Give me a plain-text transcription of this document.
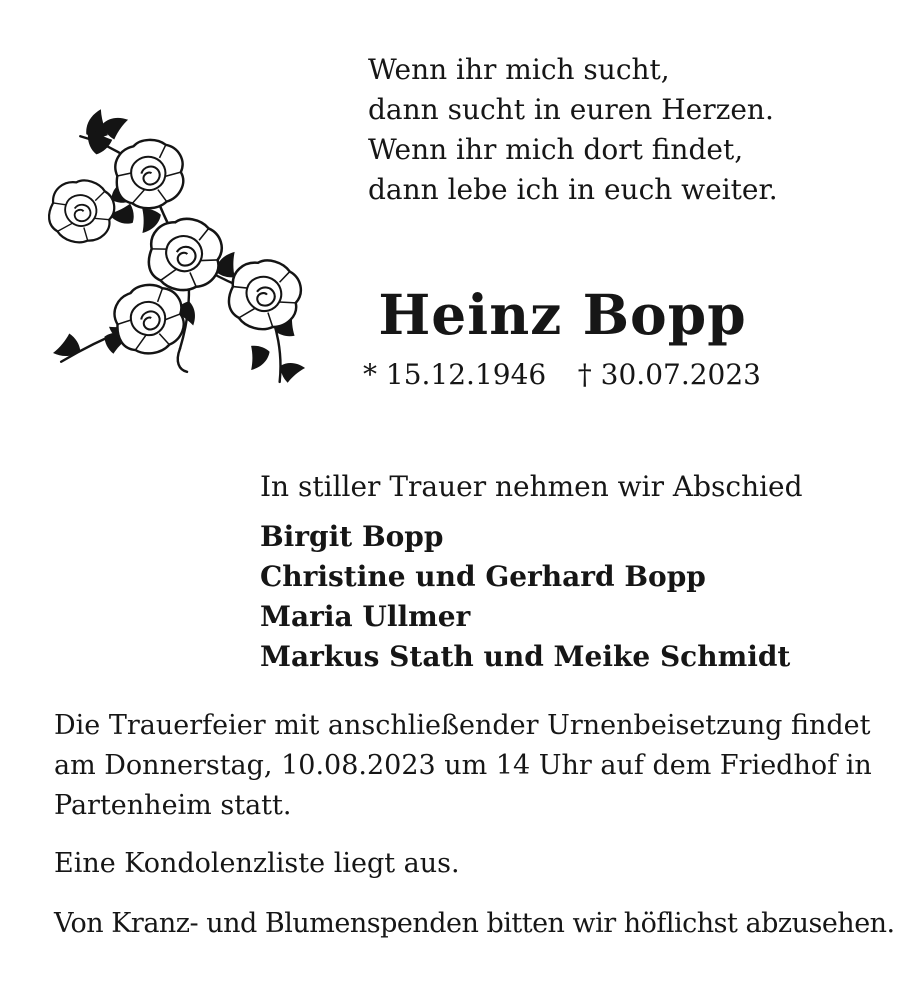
Wenn ihr mich sucht,
dann sucht in euren Herzen.
Wenn ihr mich dort findet,
dann lebe ich in euch weiter.
Heinz Bopp
* 15.12.1946 † 30.07.2023
In stiller Trauer nehmen wir Abschied
Birgit Bopp
Christine und Gerhard Bopp
Maria Ullmer
Markus Stath und Meike Schmidt
Die Trauerfeier mit anschließender Urnenbeisetzung findet am Donnerstag, 10.08.2023 um 14 Uhr auf dem Friedhof in Partenheim statt.
Eine Kondolenzliste liegt aus.
Von Kranz- und Blumenspenden bitten wir höflichst abzusehen.
